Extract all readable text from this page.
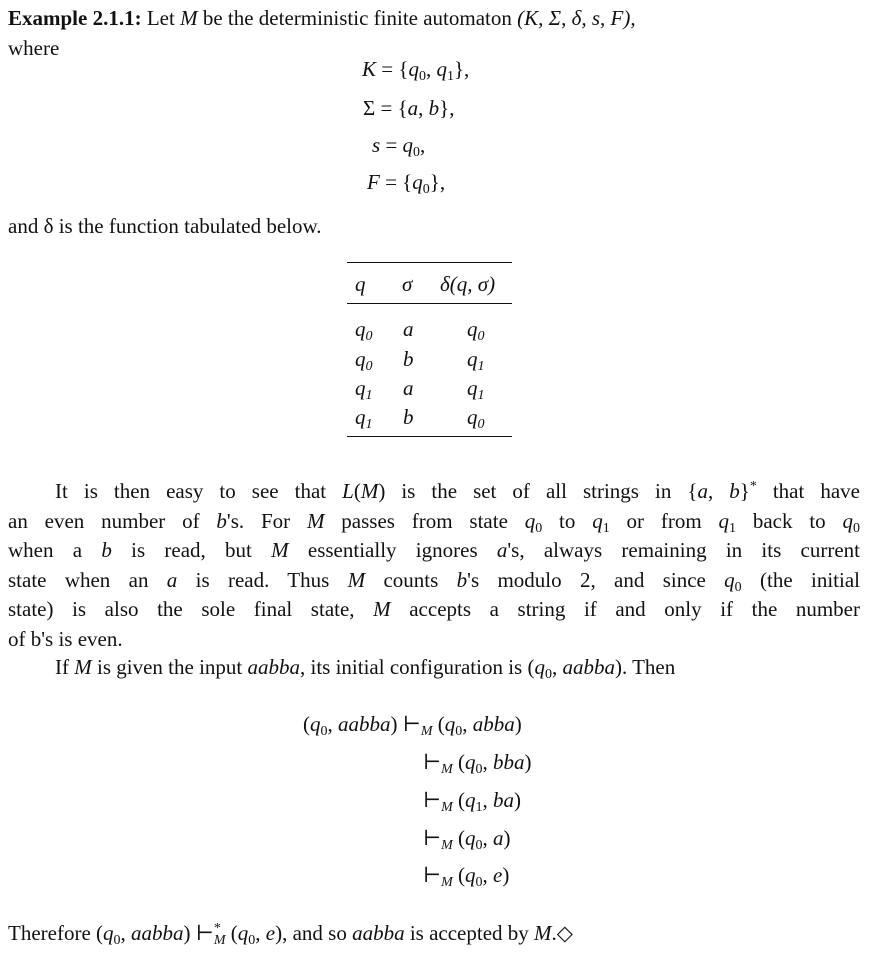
Example 2.1.1: Let M be the deterministic finite automaton (K, Σ, δ, s, F),
where
$K = \{q_0$, $q_1$},
Σ = {a, b},
$s = q_0$,
$F = \{q_0\}$,
and δ is the function tabulated below.
q σ δ(q, σ)
$q_0$ a	$q_0$
$q_0$ b	$q_1$
$q_1$ a	$q_1$
$q_1$ b	$q_0$
It is then easy to see that L(M) is the set of all strings in {a, b}* that have
an even number of b's. For M passes from state $q_0$ to $q_1$ or from $q_1$ back to $q_0$
when a b is read, but M essentially ignores a's, always remaining in its current
state when an a is read. Thus M counts b's modulo 2, and since $q_0$ (the initial
state) is also the sole final state, M accepts a string if and only if the number
of b's is even.
If M is given the input aabba, its initial configuration is ($q_0$, aabba). Then
($q_0$, aabba) $⊢_M$ ($q_0$, abba)
$⊢_M$ ($q_0$, bba)
$⊢_M$ ($q_1$, ba)
$⊢_M$ ($q_0$, a)
$⊢_M$ ($q_0$, e)
Therefore ($q_0$, aabba) $⊢^*_M$ ($q_0$, e), and so aabba is accepted by M.◇
